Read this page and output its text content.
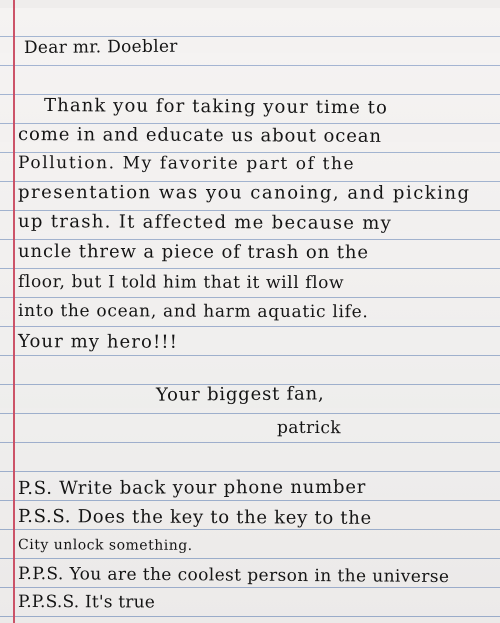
Dear mr. Doebler
Thank you for taking your time to
come in and educate us about ocean
Pollution. My favorite part of the
presentation was you canoing, and picking
up trash. It affected me because my
uncle threw a piece of trash on the
floor, but I told him that it will flow
into the ocean, and harm aquatic life.
Your my hero!!!
Your biggest fan,
patrick
P.S. Write back your phone number
P.S.S. Does the key to the key to the
City unlock something.
P.P.S. You are the coolest person in the universe
P.P.S.S. It's true
